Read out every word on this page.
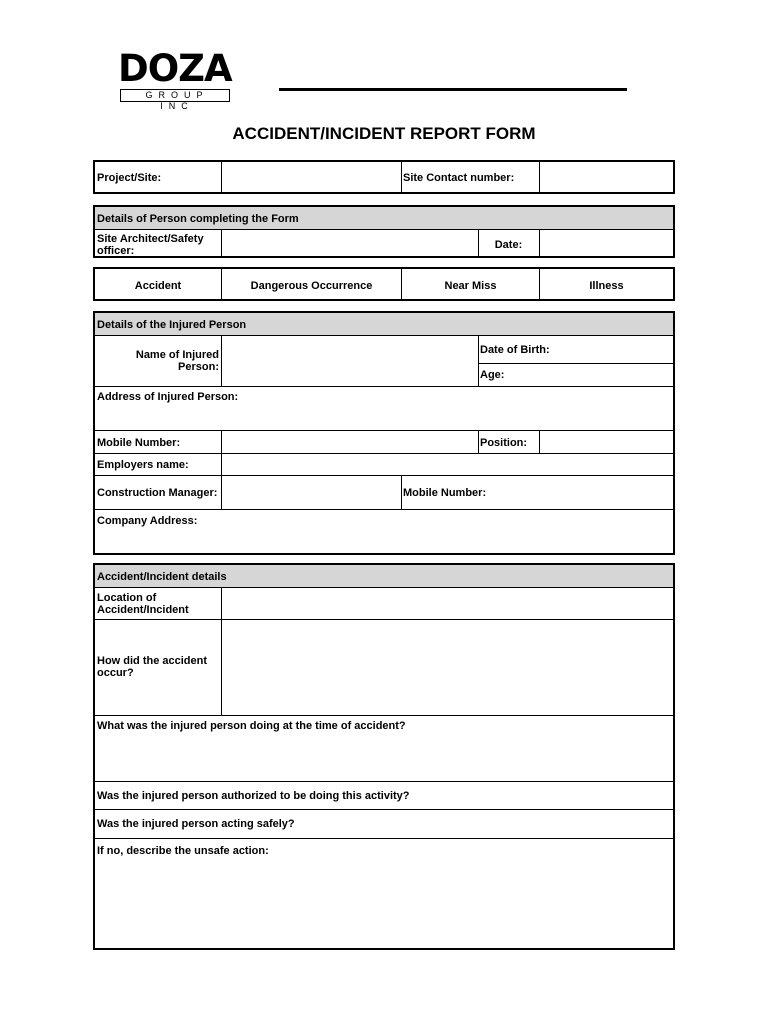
DOZA
GROUP INC
ACCIDENT/INCIDENT REPORT FORM
Project/Site:	Site Contact number:
Details of Person completing the Form
Site Architect/Safety officer:	Date:
Accident	Dangerous Occurrence	Near Miss	Illness
Details of the Injured Person
Name of Injured Person:
Date of Birth:
Age:
Address of Injured Person:
Mobile Number:	Position:
Employers name:
Construction Manager:	Mobile Number:
Company Address:
Accident/Incident details
Location of Accident/Incident
How did the accident occur?
What was the injured person doing at the time of accident?
Was the injured person authorized to be doing this activity?
Was the injured person acting safely?
If no, describe the unsafe action:
